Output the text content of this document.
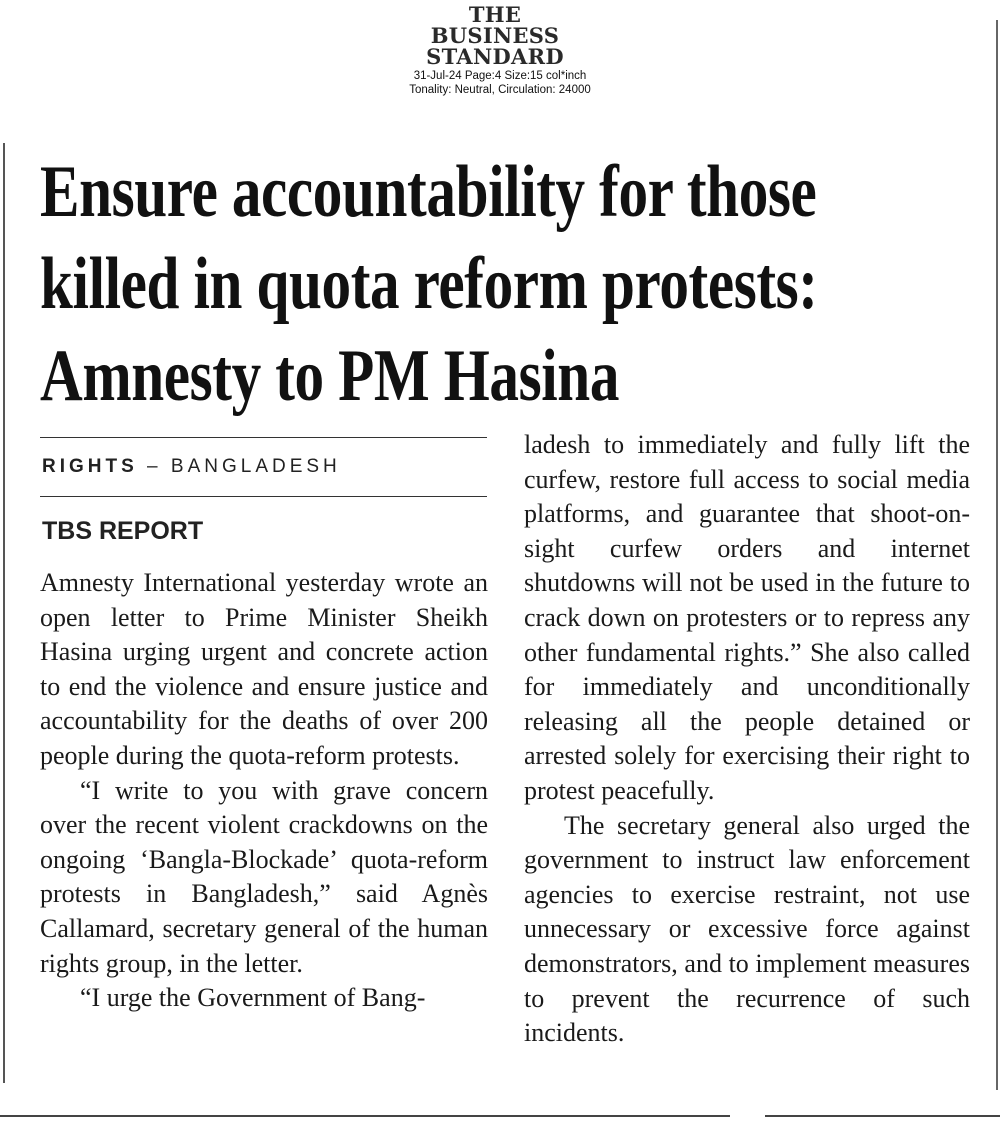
THE
BUSINESS
STANDARD
31-Jul-24 Page:4 Size:15 col*inch
Tonality: Neutral, Circulation: 24000
Ensure accountability for those
killed in quota reform protests:
Amnesty to PM Hasina
RIGHTS – BANGLADESH
TBS REPORT

Amnesty International yesterday wrote an open letter to Prime Minister Sheikh Hasina urging urgent and concrete action to end the violence and ensure justice and accountability for the deaths of over 200 people during the quota-reform protests.

“I write to you with grave concern over the recent violent crackdowns on the ongoing ‘Bangla-Blockade’ quota-reform protests in Bangladesh,” said Agnès Callamard, secretary general of the human rights group, in the letter.

“I urge the Government of Bang-

ladesh to immediately and fully lift the curfew, restore full access to social media platforms, and guarantee that shoot-on-sight curfew orders and internet shutdowns will not be used in the future to crack down on protesters or to repress any other fundamental rights.” She also called for immediately and unconditionally releasing all the people detained or arrested solely for exercising their right to protest peacefully.

The secretary general also urged the government to instruct law enforcement agencies to exercise restraint, not use unnecessary or excessive force against demonstrators, and to implement measures to prevent the recurrence of such incidents.
